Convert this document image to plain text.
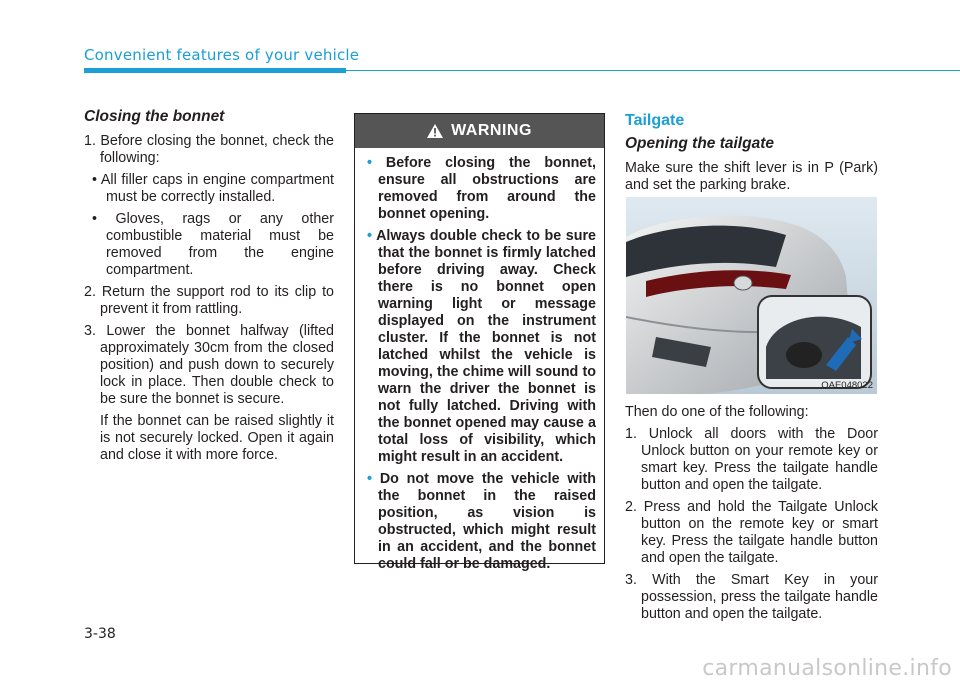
Convenient features of your vehicle
Closing the bonnet

1. Before closing the bonnet, check the following:

• All filler caps in engine compartment must be correctly installed.

• Gloves, rags or any other combustible material must be removed from the engine compartment.

2. Return the support rod to its clip to prevent it from rattling.

3. Lower the bonnet halfway (lifted approximately 30cm from the closed position) and push down to securely lock in place. Then double check to be sure the bonnet is secure.

If the bonnet can be raised slightly it is not securely locked. Open it again and close it with more force.

WARNING

• Before closing the bonnet, ensure all obstructions are removed from around the bonnet opening.

• Always double check to be sure that the bonnet is firmly latched before driving away. Check there is no bonnet open warning light or message displayed on the instrument cluster. If the bonnet is not latched whilst the vehicle is moving, the chime will sound to warn the driver the bonnet is not fully latched. Driving with the bonnet opened may cause a total loss of visibility, which might result in an accident.

• Do not move the vehicle with the bonnet in the raised position, as vision is obstructed, which might result in an accident, and the bonnet could fall or be damaged.

Tailgate
Opening the tailgate

Make sure the shift lever is in P (Park) and set the parking brake.

OAE048022

Then do one of the following:

1. Unlock all doors with the Door Unlock button on your remote key or smart key. Press the tailgate handle button and open the tailgate.

2. Press and hold the Tailgate Unlock button on the remote key or smart key. Press the tailgate handle button and open the tailgate.

3. With the Smart Key in your possession, press the tailgate handle button and open the tailgate.

3-38
carmanualsonline.info
